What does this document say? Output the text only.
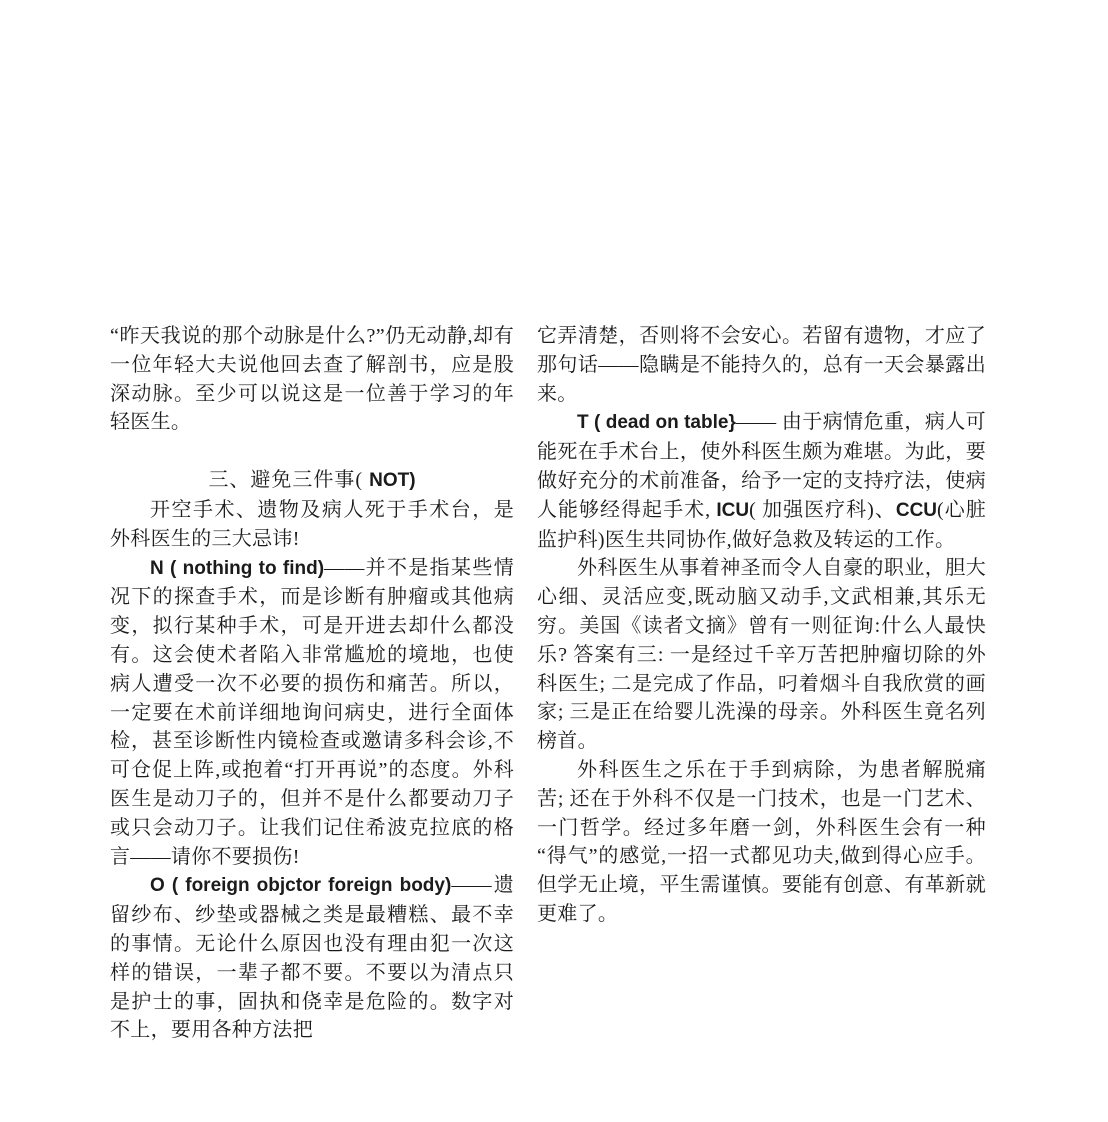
“昨天我说的那个动脉是什么?”仍无动静,却有一位年轻大夫说他回去查了解剖书，应是股深动脉。至少可以说这是一位善于学习的年轻医生。

三、避免三件事( NOT)

开空手术、遗物及病人死于手术台，是外科医生的三大忌讳!

N ( nothing to find)——并不是指某些情况下的探查手术，而是诊断有肿瘤或其他病变，拟行某种手术，可是开进去却什么都没有。这会使术者陷入非常尴尬的境地，也使病人遭受一次不必要的损伤和痛苦。所以，一定要在术前详细地询问病史，进行全面体检，甚至诊断性内镜检查或邀请多科会诊,不可仓促上阵,或抱着“打开再说”的态度。外科医生是动刀子的，但并不是什么都要动刀子或只会动刀子。让我们记住希波克拉底的格言——请你不要损伤!

O ( foreign objctor foreign body)——遗留纱布、纱垫或器械之类是最糟糕、最不幸的事情。无论什么原因也没有理由犯一次这样的错误，一辈子都不要。不要以为清点只是护士的事，固执和侥幸是危险的。数字对不上，要用各种方法把

它弄清楚，否则将不会安心。若留有遗物，才应了那句话——隐瞒是不能持久的，总有一天会暴露出来。

T ( dead on table}—— 由于病情危重，病人可能死在手术台上，使外科医生颇为难堪。为此，要做好充分的术前准备，给予一定的支持疗法，使病人能够经得起手术, ICU( 加强医疗科)、CCU(心脏监护科)医生共同协作,做好急救及转运的工作。

外科医生从事着神圣而令人自豪的职业，胆大心细、灵活应变,既动脑又动手,文武相兼,其乐无穷。美国《读者文摘》曾有一则征询:什么人最快乐? 答案有三: 一是经过千辛万苦把肿瘤切除的外科医生; 二是完成了作品，叼着烟斗自我欣赏的画家; 三是正在给婴儿洗澡的母亲。外科医生竟名列榜首。

外科医生之乐在于手到病除，为患者解脱痛苦; 还在于外科不仅是一门技术，也是一门艺术、一门哲学。经过多年磨一剑，外科医生会有一种“得气”的感觉,一招一式都见功夫,做到得心应手。但学无止境，平生需谨慎。要能有创意、有革新就更难了。
